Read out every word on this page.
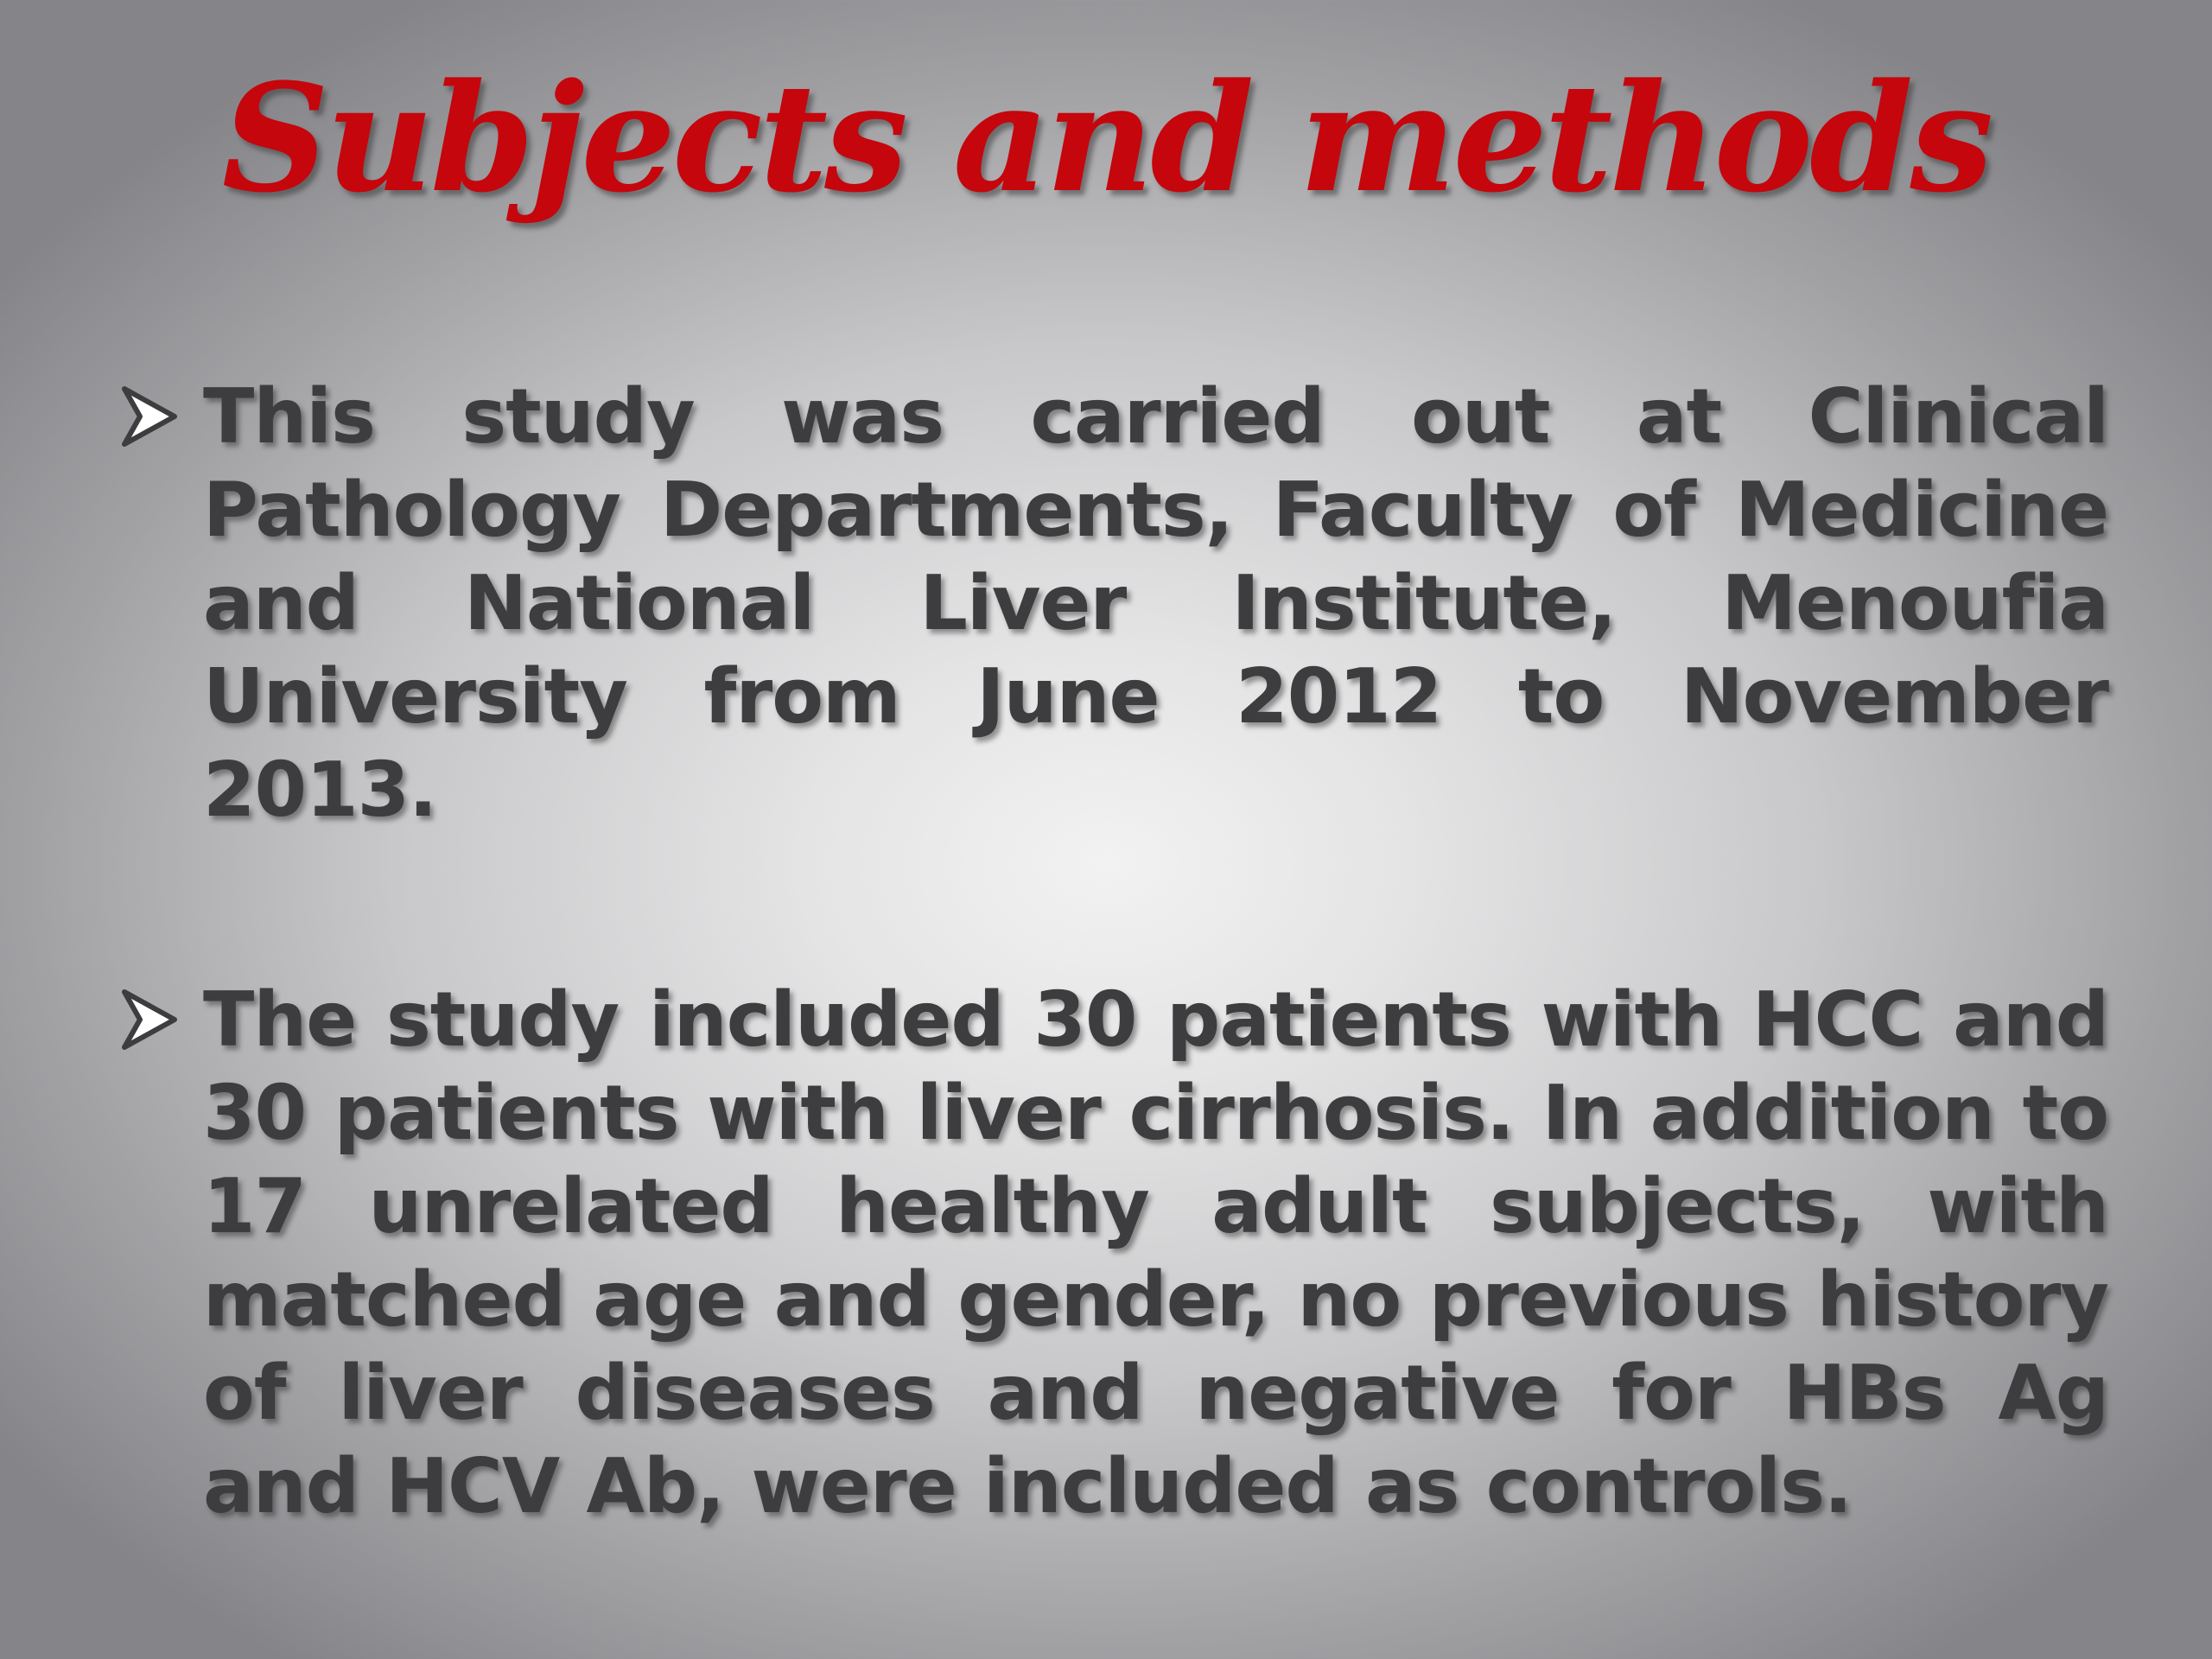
Subjects and methods
This study was carried out at Clinical Pathology Departments, Faculty of Medicine and National Liver Institute, Menoufia University from June 2012 to November 2013.
The study included 30 patients with HCC and 30 patients with liver cirrhosis. In addition to 17 unrelated healthy adult subjects, with matched age and gender, no previous history of liver diseases and negative for HBs Ag and HCV Ab, were included as controls.
